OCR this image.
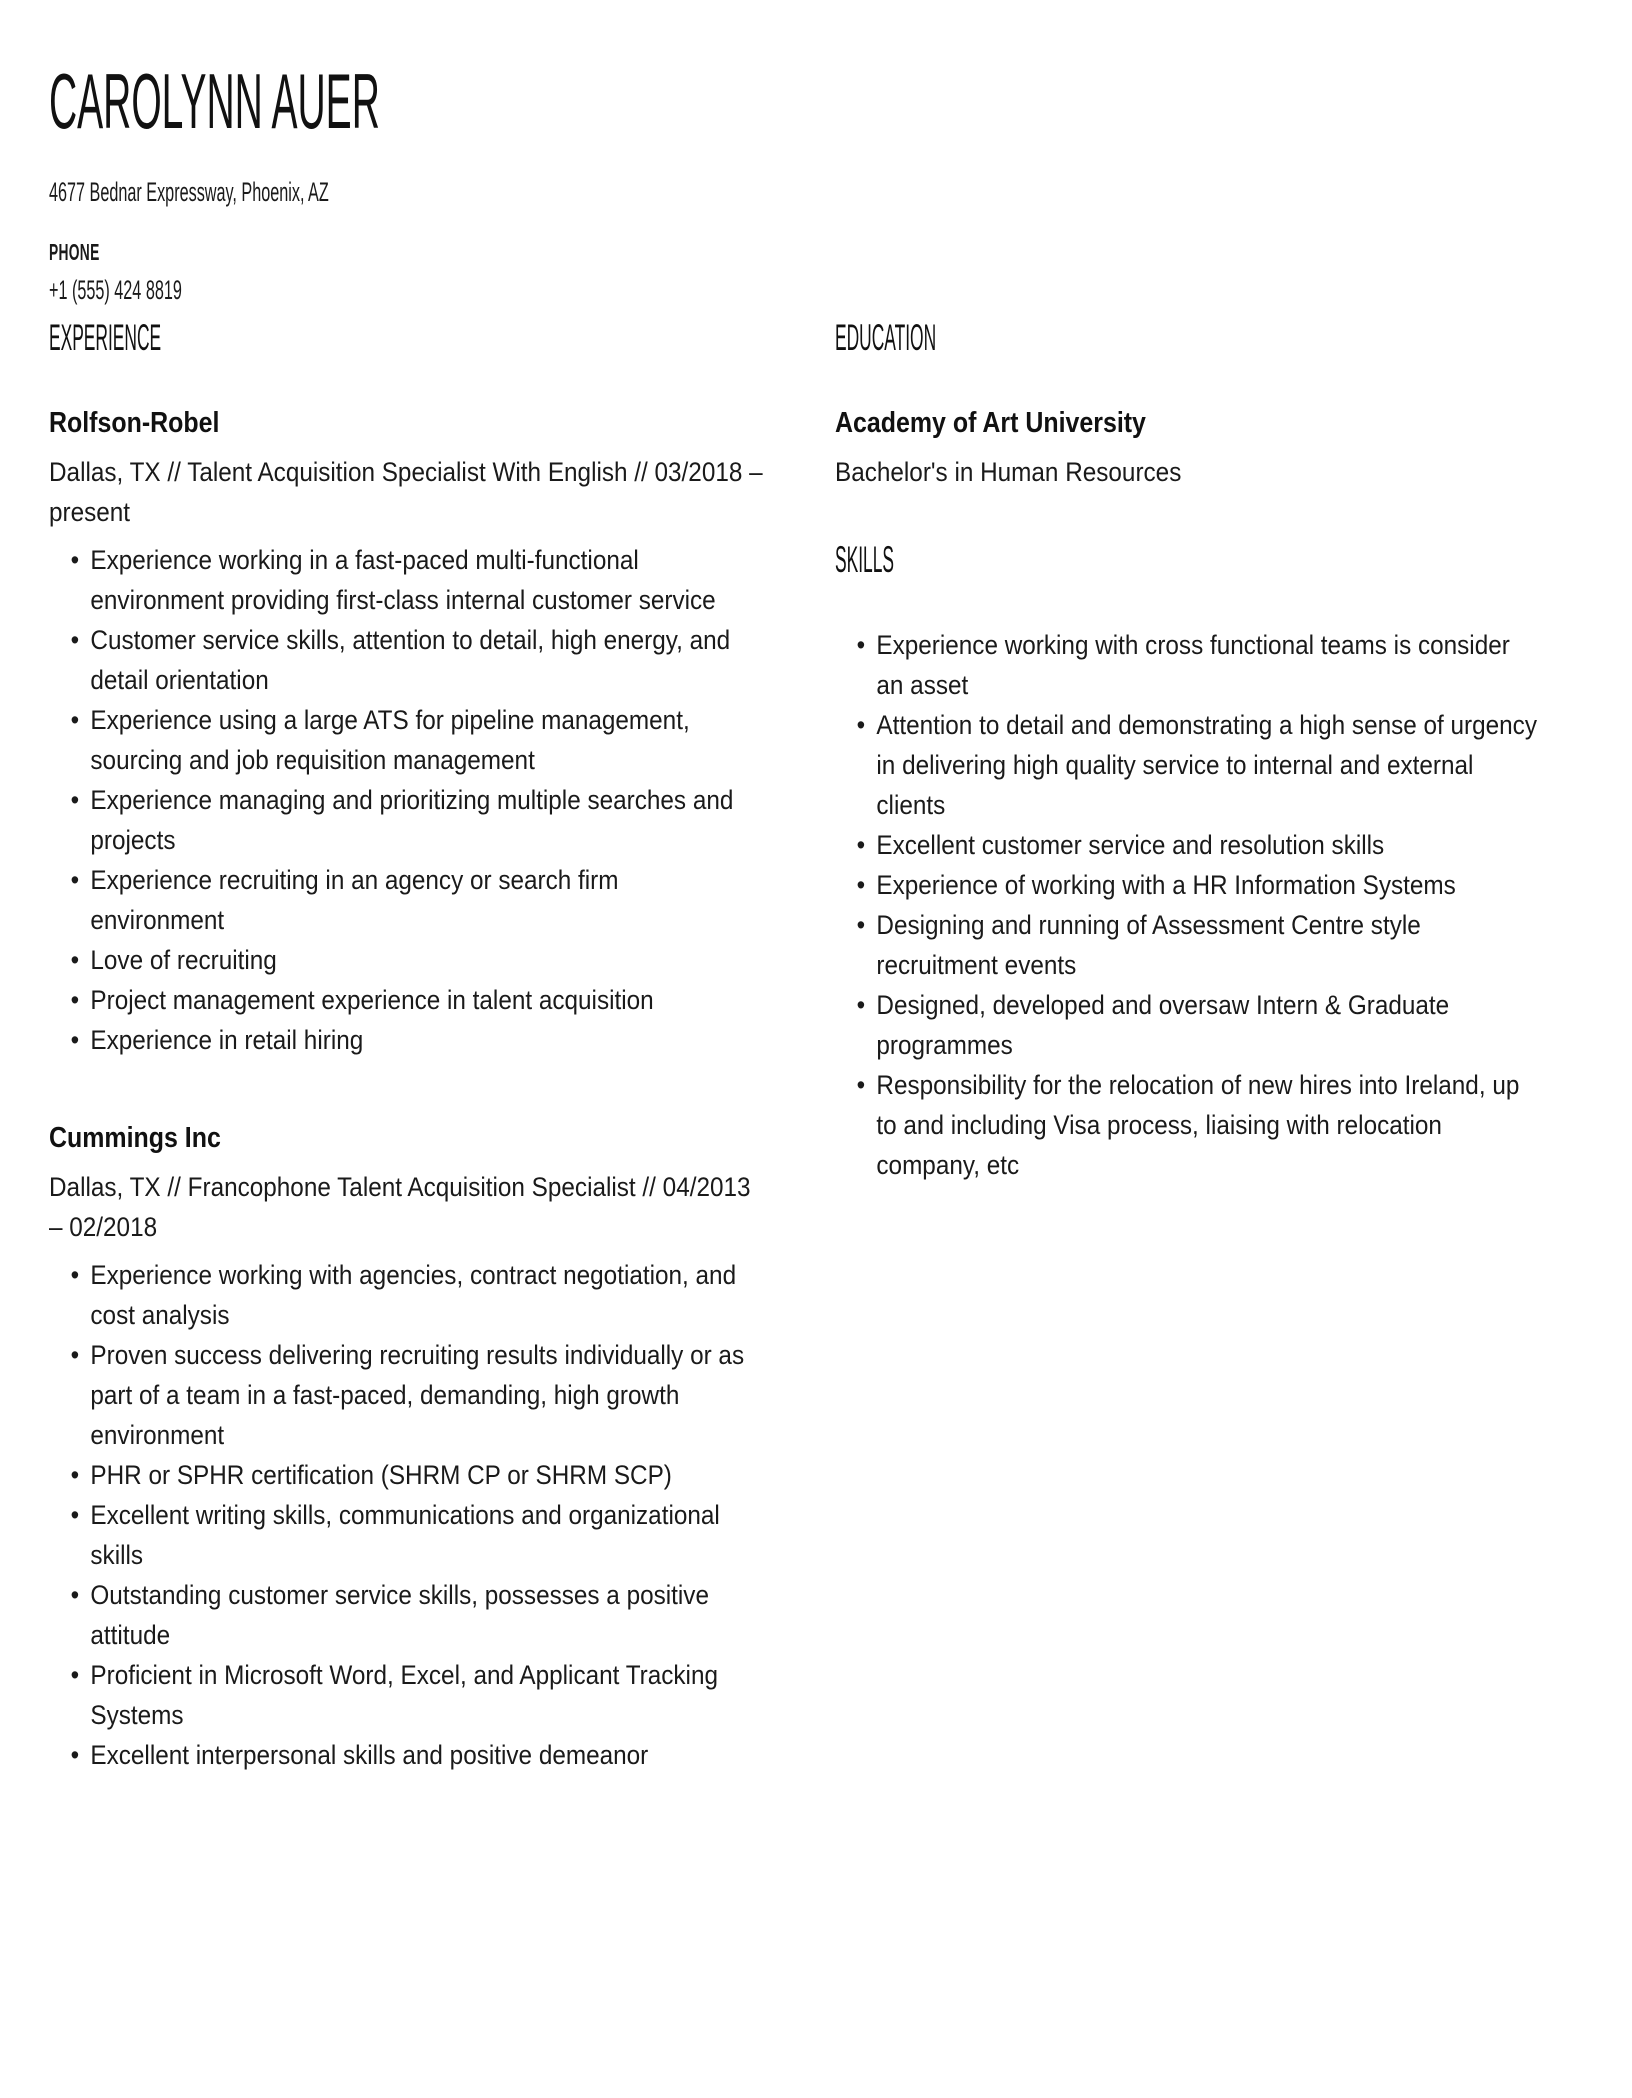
CAROLYNN AUER

4677 Bednar Expressway, Phoenix, AZ

PHONE

+1 (555) 424 8819

EXPERIENCE
Rolfson-Robel

Dallas, TX // Talent Acquisition Specialist With English // 03/2018 – present

• Experience working in a fast-paced multi-functional environment providing first-class internal customer service
• Customer service skills, attention to detail, high energy, and detail orientation
• Experience using a large ATS for pipeline management, sourcing and job requisition management
• Experience managing and prioritizing multiple searches and projects
• Experience recruiting in an agency or search firm environment
• Love of recruiting
• Project management experience in talent acquisition
• Experience in retail hiring
Cummings Inc

Dallas, TX // Francophone Talent Acquisition Specialist // 04/2013 – 02/2018

• Experience working with agencies, contract negotiation, and cost analysis
• Proven success delivering recruiting results individually or as part of a team in a fast-paced, demanding, high growth environment
• PHR or SPHR certification (SHRM CP or SHRM SCP)
• Excellent writing skills, communications and organizational skills
• Outstanding customer service skills, possesses a positive attitude
• Proficient in Microsoft Word, Excel, and Applicant Tracking Systems
• Excellent interpersonal skills and positive demeanor
EDUCATION
Academy of Art University

Bachelor's in Human Resources

SKILLS
• Experience working with cross functional teams is consider an asset
• Attention to detail and demonstrating a high sense of urgency in delivering high quality service to internal and external clients
• Excellent customer service and resolution skills
• Experience of working with a HR Information Systems
• Designing and running of Assessment Centre style recruitment events
• Designed, developed and oversaw Intern & Graduate programmes
• Responsibility for the relocation of new hires into Ireland, up to and including Visa process, liaising with relocation company, etc
